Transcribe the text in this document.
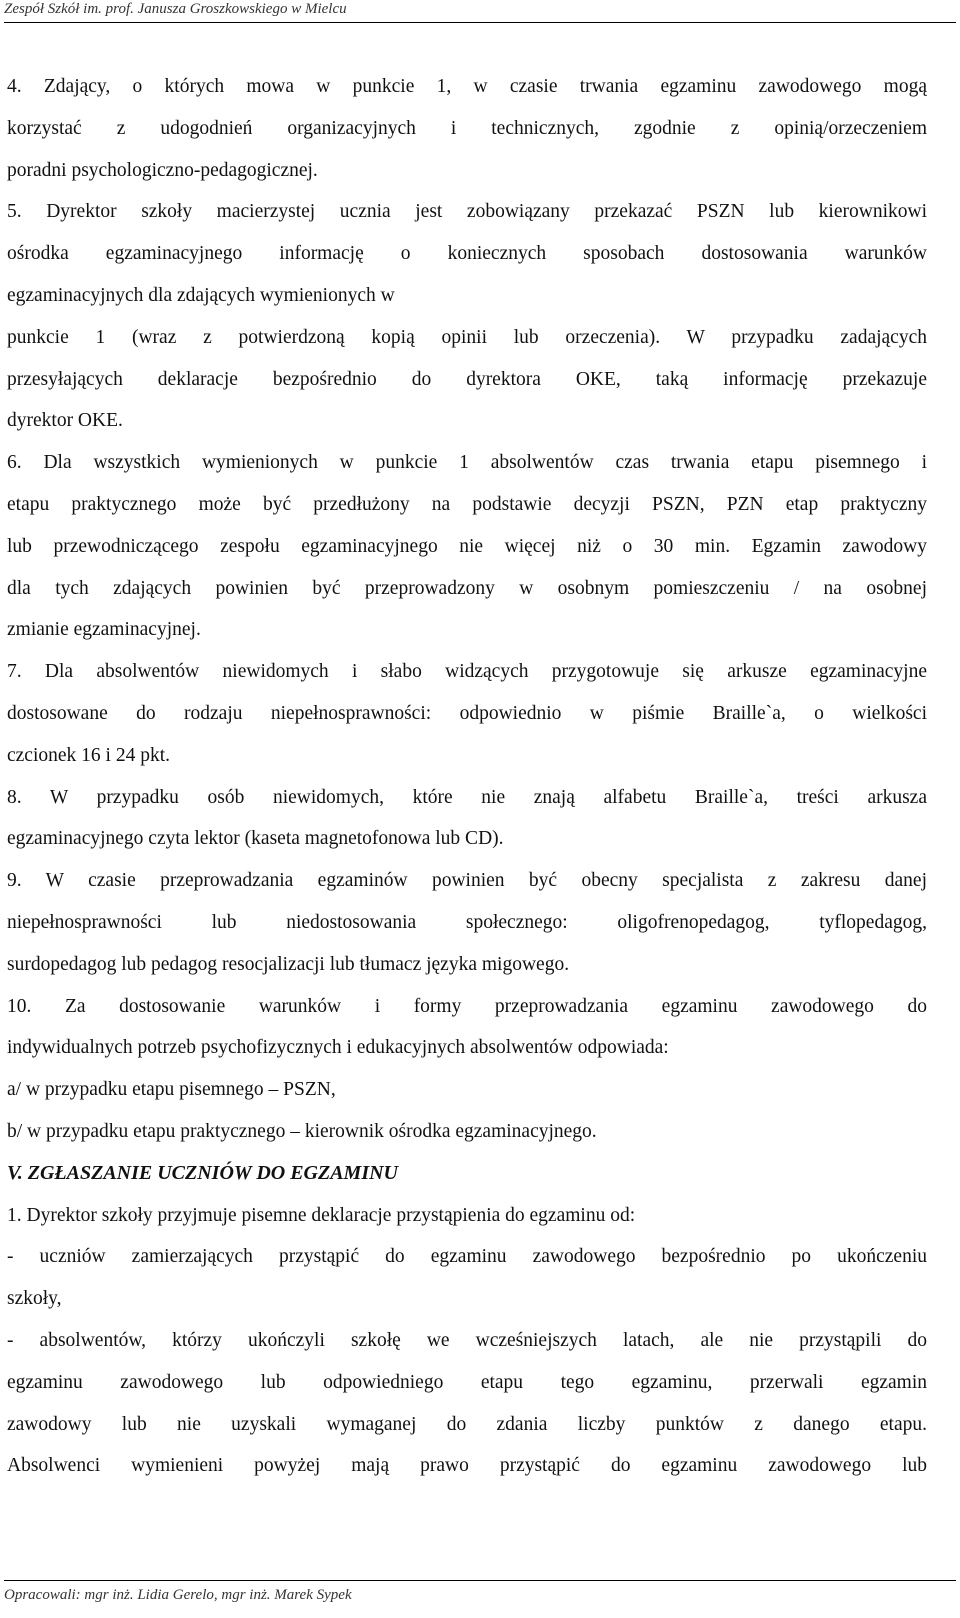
Zespół Szkół im. prof. Janusza Groszkowskiego w Mielcu
4. Zdający, o których mowa w punkcie 1, w czasie trwania egzaminu zawodowego mogą
korzystać z udogodnień organizacyjnych i technicznych, zgodnie z opinią/orzeczeniem
poradni psychologiczno-pedagogicznej.
5. Dyrektor szkoły macierzystej ucznia jest zobowiązany przekazać PSZN lub kierownikowi
ośrodka egzaminacyjnego informację o koniecznych sposobach dostosowania warunków
egzaminacyjnych dla zdających wymienionych w
punkcie 1 (wraz z potwierdzoną kopią opinii lub orzeczenia). W przypadku zadających
przesyłających deklaracje bezpośrednio do dyrektora OKE, taką informację przekazuje
dyrektor OKE.
6. Dla wszystkich wymienionych w punkcie 1 absolwentów czas trwania etapu pisemnego i
etapu praktycznego może być przedłużony na podstawie decyzji PSZN, PZN etap praktyczny
lub przewodniczącego zespołu egzaminacyjnego nie więcej niż o 30 min. Egzamin zawodowy
dla tych zdających powinien być przeprowadzony w osobnym pomieszczeniu / na osobnej
zmianie egzaminacyjnej.
7. Dla absolwentów niewidomych i słabo widzących przygotowuje się arkusze egzaminacyjne
dostosowane do rodzaju niepełnosprawności: odpowiednio w piśmie Braille`a, o wielkości
czcionek 16 i 24 pkt.
8. W przypadku osób niewidomych, które nie znają alfabetu Braille`a, treści arkusza
egzaminacyjnego czyta lektor (kaseta magnetofonowa lub CD).
9. W czasie przeprowadzania egzaminów powinien być obecny specjalista z zakresu danej
niepełnosprawności lub niedostosowania społecznego: oligofrenopedagog, tyflopedagog,
surdopedagog lub pedagog resocjalizacji lub tłumacz języka migowego.
10. Za dostosowanie warunków i formy przeprowadzania egzaminu zawodowego do
indywidualnych potrzeb psychofizycznych i edukacyjnych absolwentów odpowiada:
a/ w przypadku etapu pisemnego – PSZN,
b/ w przypadku etapu praktycznego – kierownik ośrodka egzaminacyjnego.
V. ZGŁASZANIE UCZNIÓW DO EGZAMINU
1. Dyrektor szkoły przyjmuje pisemne deklaracje przystąpienia do egzaminu od:
- uczniów zamierzających przystąpić do egzaminu zawodowego bezpośrednio po ukończeniu
szkoły,
- absolwentów, którzy ukończyli szkołę we wcześniejszych latach, ale nie przystąpili do
egzaminu zawodowego lub odpowiedniego etapu tego egzaminu, przerwali egzamin
zawodowy lub nie uzyskali wymaganej do zdania liczby punktów z danego etapu.
Absolwenci wymienieni powyżej mają prawo przystąpić do egzaminu zawodowego lub
Opracowali: mgr inż. Lidia Gerelo, mgr inż. Marek Sypek
